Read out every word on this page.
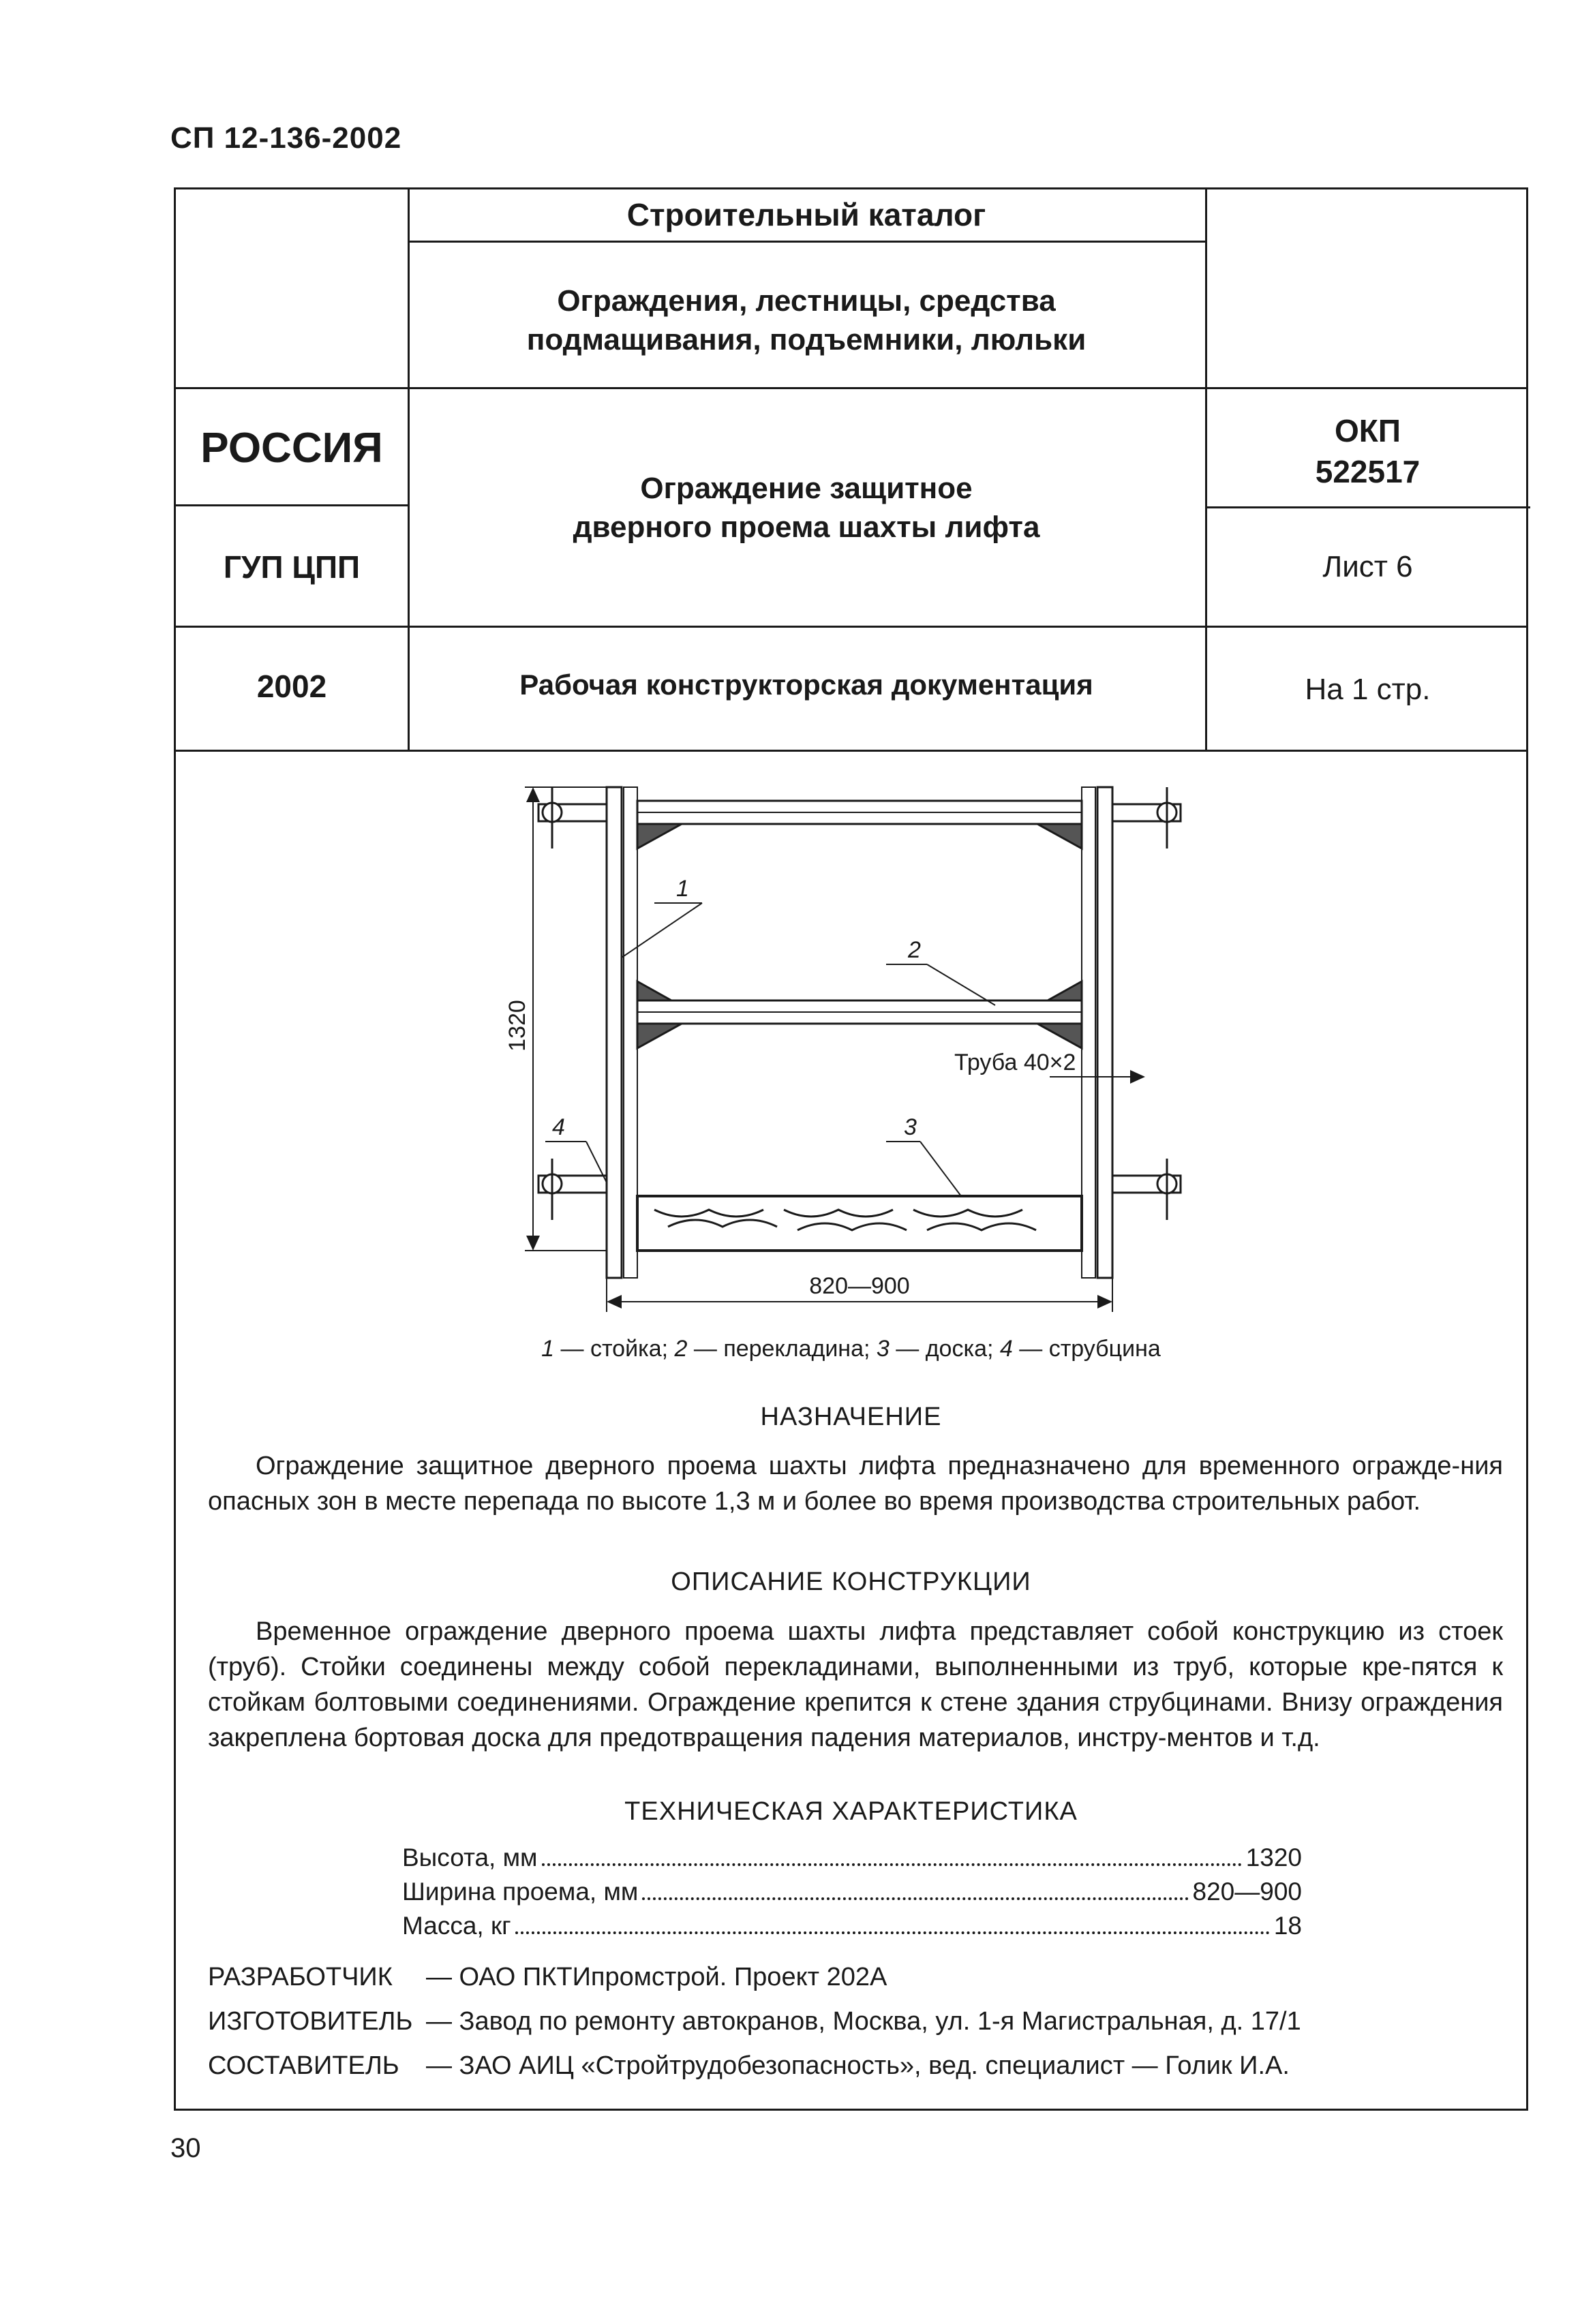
СП 12-136-2002
Строительный каталог
Ограждения, лестницы, средства
подмащивания, подъемники, люльки
РОССИЯ
ГУП ЦПП
2002
Ограждение защитное
дверного проема шахты лифта
Рабочая конструкторская документация
ОКП
522517
Лист 6
На 1 стр.
1320
820—900
Труба 40×2
1
2
3
4
1 — стойка; 2 — перекладина; 3 — доска; 4 — струбцина
НАЗНАЧЕНИЕ
Ограждение защитное дверного проема шахты лифта предназначено для временного огражде-ния опасных зон в месте перепада по высоте 1,3 м и более во время производства строительных работ.
ОПИСАНИЕ КОНСТРУКЦИИ
Временное ограждение дверного проема шахты лифта представляет собой конструкцию из стоек (труб). Стойки соединены между собой перекладинами, выполненными из труб, которые кре-пятся к стойкам болтовыми соединениями. Ограждение крепится к стене здания струбцинами. Внизу ограждения закреплена бортовая доска для предотвращения падения материалов, инстру-ментов и т.д.
ТЕХНИЧЕСКАЯ ХАРАКТЕРИСТИКА
Высота, мм	1320
Ширина проема, мм	820—900
Масса, кг	18
РАЗРАБОТЧИК	— ОАО ПКТИпромстрой. Проект 202А
ИЗГОТОВИТЕЛЬ — Завод по ремонту автокранов, Москва, ул. 1-я Магистральная, д. 17/1
СОСТАВИТЕЛЬ	— ЗАО АИЦ «Стройтрудобезопасность», вед. специалист — Голик И.А.
30
